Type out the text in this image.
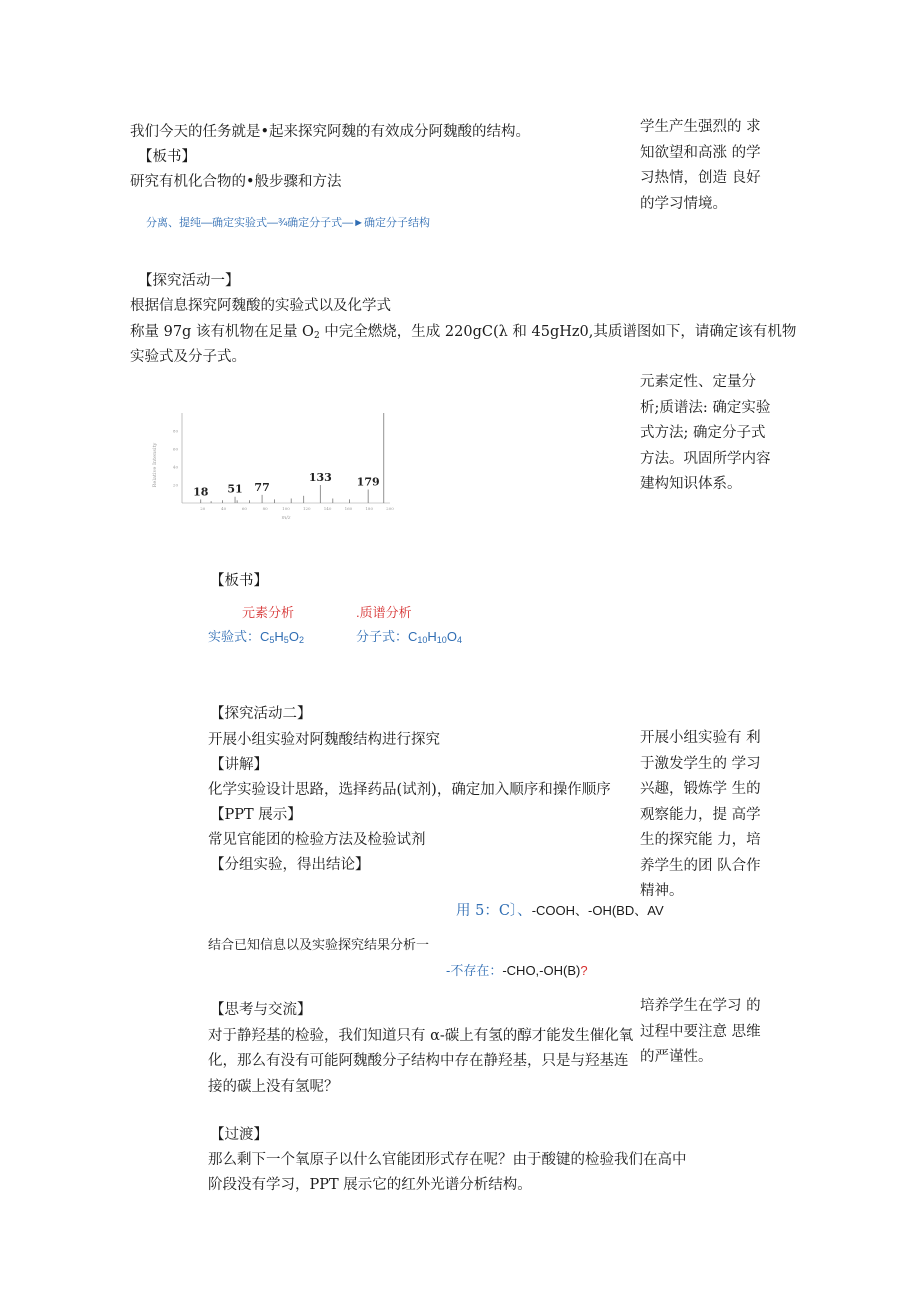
我们今天的任务就是•起来探究阿魏的有效成分阿魏酸的结构。
【板书】
研究有机化合物的•般步骤和方法
分离、提纯—确定实验式—¾确定分子式—►确定分子结构
学生产生强烈的 求知欲望和高涨 的学习热情，创造 良好的学习情境。
元素定性、定量分析;质谱法: 确定实验式方法; 确定分子式方法。巩固所学内容建构知识体系。
开展小组实验有 利于激发学生的 学习兴趣，锻炼学 生的观察能力，提 高学生的探究能 力，培养学生的团 队合作精神。
培养学生在学习 的过程中要注意 思维的严谨性。
【探究活动一】
根据信息探究阿魏酸的实验式以及化学式
称量 97g 该有机物在足量 $O_2$ 中完全燃烧，生成 220gC(λ 和 45gHz0,其质谱图如下，请确定该有机物
实验式及分子式。
Relative Intensity
m/z
20	40	60	80	100	120	140	160	180	200
20
40
60
80
18 51 77
133 179
【板书】
元素分析	.质谱分析
实验式：$C_5H_5O_2$	分子式：$C_{10}H_{10}O_4$
【探究活动二】
开展小组实验对阿魏酸结构进行探究
【讲解】
化学实验设计思路，选择药品(试剂)，确定加入顺序和操作顺序
【PPT 展示】
常见官能团的检验方法及检验试剂
【分组实验，得出结论】
用 5：C〕、-COOH、-OH(BD、AV
结合已知信息以及实验探究结果分析一
-不存在：-CHO,-OH(B)?
【思考与交流】
对于静羟基的检验，我们知道只有 α-碳上有氢的醇才能发生催化氧
化，那么有没有可能阿魏酸分子结构中存在静羟基，只是与羟基连
接的碳上没有氢呢？
【过渡】
那么剩下一个氧原子以什么官能团形式存在呢？由于酸键的检验我们在高中
阶段没有学习，PPT 展示它的红外光谱分析结构。
